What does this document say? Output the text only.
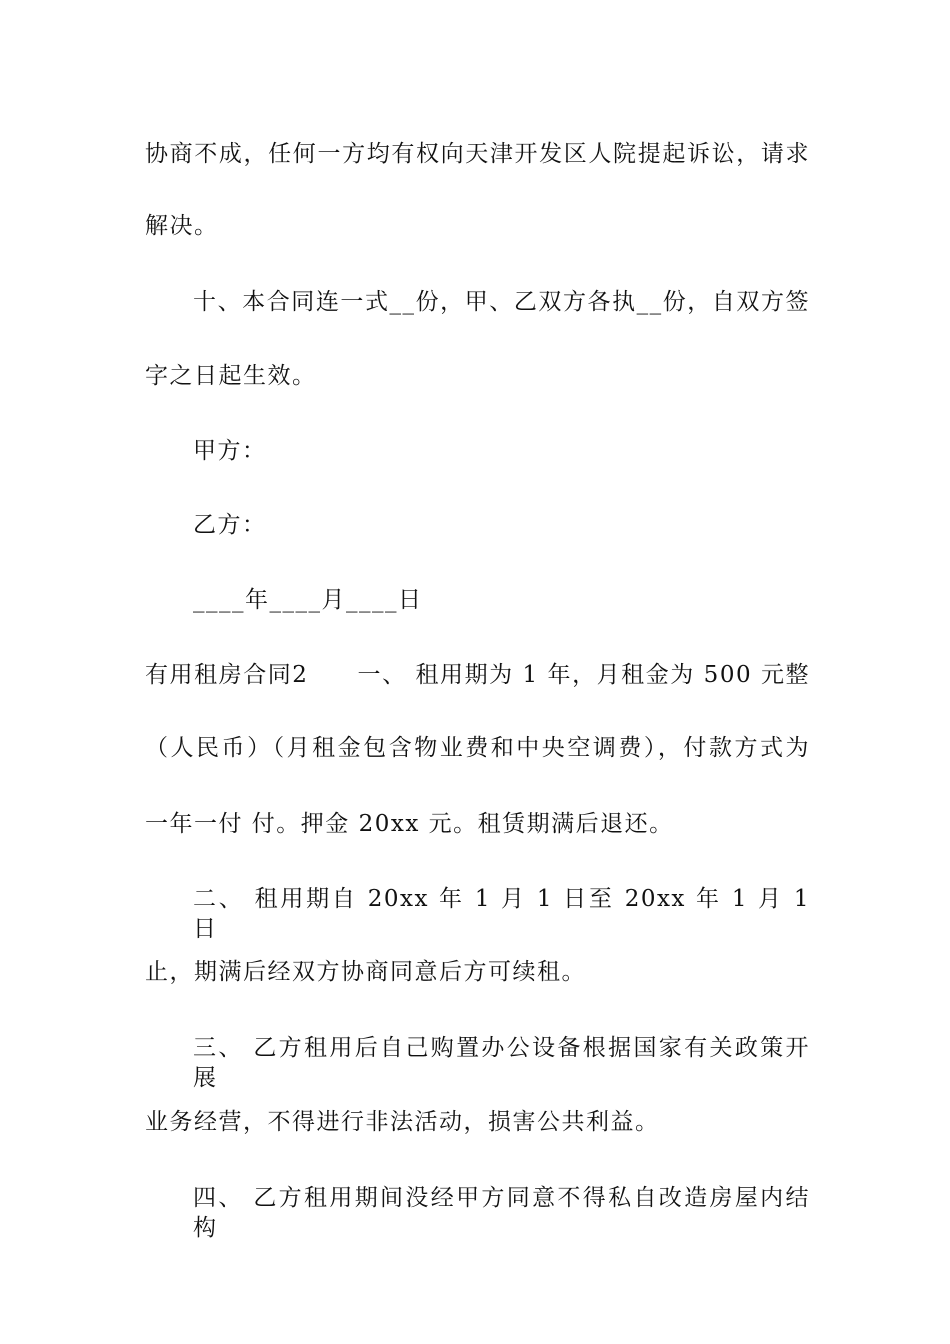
协商不成，任何一方均有权向天津开发区人院提起诉讼，请求
解决。
十、本合同连一式__份，甲、乙双方各执__份，自双方签
字之日起生效。
甲方：
乙方：
____年____月____日
有用租房合同2　　一、 租用期为 1 年，月租金为 500 元整
（人民币）（月租金包含物业费和中央空调费），付款方式为
一年一付 付。押金 20xx 元。租赁期满后退还。
二、 租用期自 20xx 年 1 月 1 日至 20xx 年 1 月 1 日
止，期满后经双方协商同意后方可续租。
三、 乙方租用后自己购置办公设备根据国家有关政策开展
业务经营，不得进行非法活动，损害公共利益。
四、 乙方租用期间没经甲方同意不得私自改造房屋内结构
